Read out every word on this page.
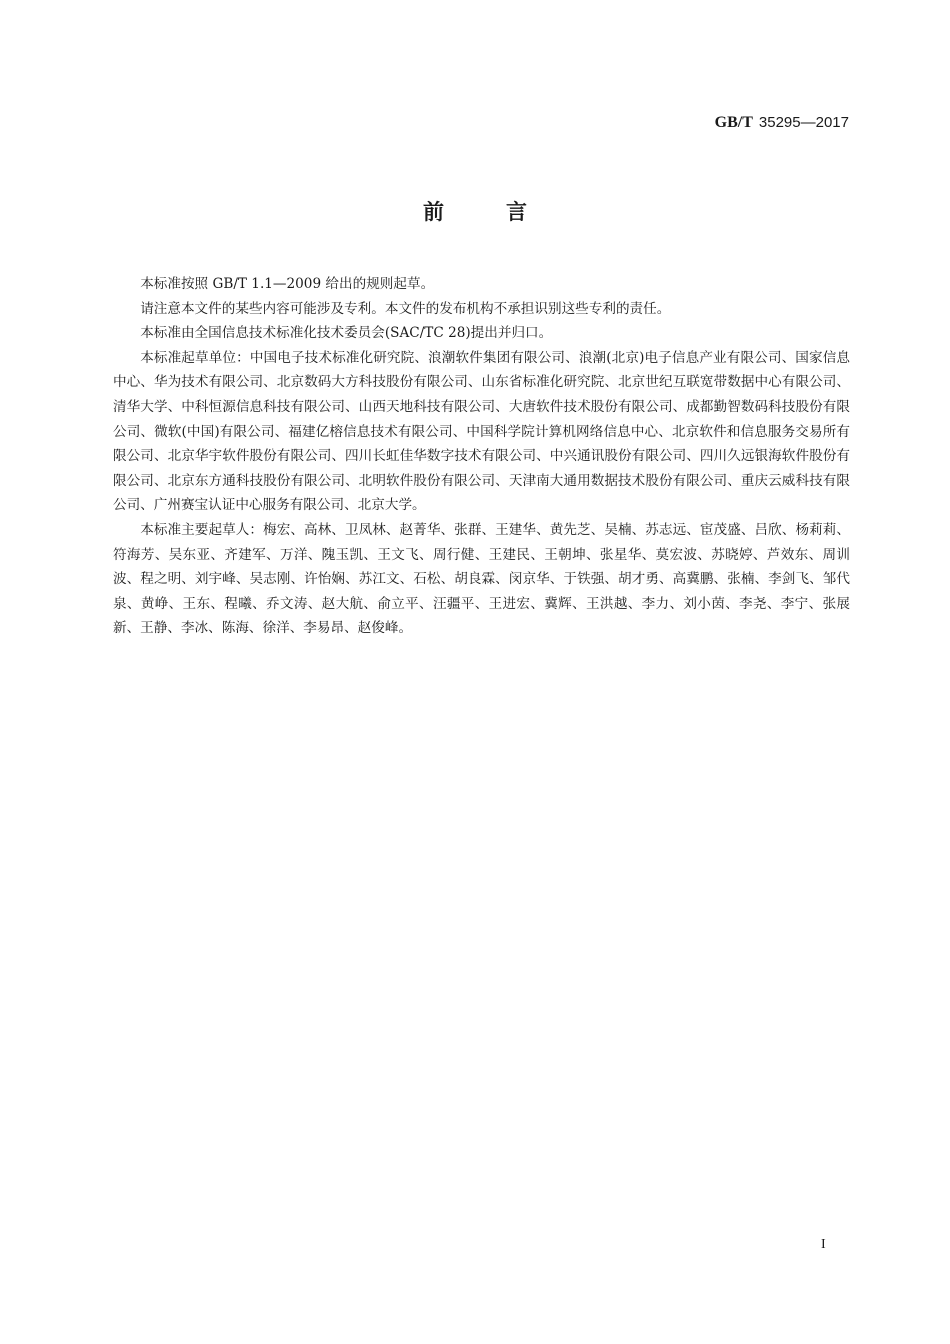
GB/T 35295—2017
前言

本标准按照 GB/T 1.1—2009 给出的规则起草。

请注意本文件的某些内容可能涉及专利。本文件的发布机构不承担识别这些专利的责任。

本标准由全国信息技术标准化技术委员会(SAC/TC 28)提出并归口。

本标准起草单位：中国电子技术标准化研究院、浪潮软件集团有限公司、浪潮(北京)电子信息产业有限公司、国家信息中心、华为技术有限公司、北京数码大方科技股份有限公司、山东省标准化研究院、北京世纪互联宽带数据中心有限公司、清华大学、中科恒源信息科技有限公司、山西天地科技有限公司、大唐软件技术股份有限公司、成都勤智数码科技股份有限公司、微软(中国)有限公司、福建亿榕信息技术有限公司、中国科学院计算机网络信息中心、北京软件和信息服务交易所有限公司、北京华宇软件股份有限公司、四川长虹佳华数字技术有限公司、中兴通讯股份有限公司、四川久远银海软件股份有限公司、北京东方通科技股份有限公司、北明软件股份有限公司、天津南大通用数据技术股份有限公司、重庆云威科技有限公司、广州赛宝认证中心服务有限公司、北京大学。

本标准主要起草人：梅宏、高林、卫凤林、赵菁华、张群、王建华、黄先芝、吴楠、苏志远、宦茂盛、吕欣、杨莉莉、符海芳、吴东亚、齐建军、万洋、隗玉凯、王文飞、周行健、王建民、王朝坤、张星华、莫宏波、苏晓婷、芦效东、周训波、程之明、刘宇峰、吴志刚、许怡娴、苏江文、石松、胡良霖、闵京华、于铁强、胡才勇、高冀鹏、张楠、李剑飞、邹代泉、黄峥、王东、程曦、乔文涛、赵大航、俞立平、汪疆平、王进宏、冀辉、王洪越、李力、刘小茵、李尧、李宁、张展新、王静、李冰、陈海、徐洋、李易昂、赵俊峰。

I
